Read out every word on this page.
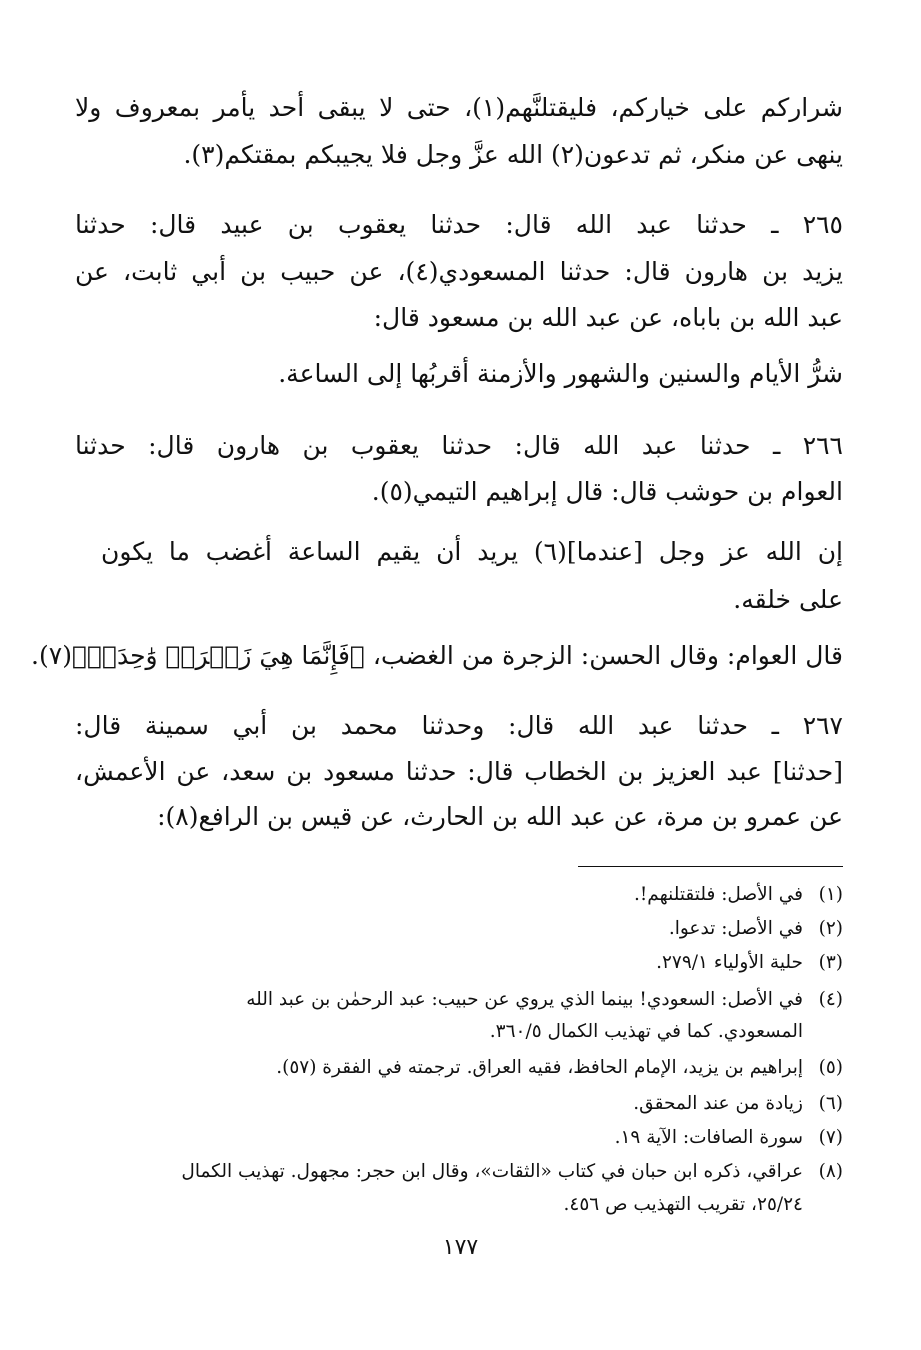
شراركم على خياركم، فليقتلنَّهم(١)، حتى لا يبقى أحد يأمر بمعروف ولا
ينهى عن منكر، ثم تدعون(٢) الله عزَّ وجل فلا يجيبكم بمقتكم(٣).
٢٦٥ ـ حدثنا عبد الله قال: حدثنا يعقوب بن عبيد قال: حدثنا
يزيد بن هارون قال: حدثنا المسعودي(٤)، عن حبيب بن أبي ثابت، عن
عبد الله بن باباه، عن عبد الله بن مسعود قال:
شرُّ الأيام والسنين والشهور والأزمنة أقربُها إلى الساعة.
٢٦٦ ـ حدثنا عبد الله قال: حدثنا يعقوب بن هارون قال: حدثنا
العوام بن حوشب قال: قال إبراهيم التيمي(٥).
إن الله عز وجل [عندما](٦) يريد أن يقيم الساعة أغضب ما يكون
على خلقه.
قال العوام: وقال الحسن: الزجرة من الغضب، ﴿فَإِنَّمَا هِيَ زَجۡرَةٞ وَٰحِدَةٞ﴾(٧).
٢٦٧ ـ حدثنا عبد الله قال: وحدثنا محمد بن أبي سمينة قال:
[حدثنا] عبد العزيز بن الخطاب قال: حدثنا مسعود بن سعد، عن الأعمش،
عن عمرو بن مرة، عن عبد الله بن الحارث، عن قيس بن الرافع(٨):
(١)في الأصل: فلتقتلنهم!.
(٢)في الأصل: تدعوا.
(٣)حلية الأولياء ٢٧٩/١.
(٤)في الأصل: السعودي! بينما الذي يروي عن حبيب: عبد الرحمٰن بن عبد الله
المسعودي. كما في تهذيب الكمال ٣٦٠/٥.
(٥)إبراهيم بن يزيد، الإمام الحافظ، فقيه العراق. ترجمته في الفقرة (٥٧).
(٦)زيادة من عند المحقق.
(٧)سورة الصافات: الآية ١٩.
(٨)عراقي، ذكره ابن حبان في كتاب «الثقات»، وقال ابن حجر: مجهول. تهذيب الكمال
٢٥/٢٤، تقريب التهذيب ص ٤٥٦.
١٧٧
